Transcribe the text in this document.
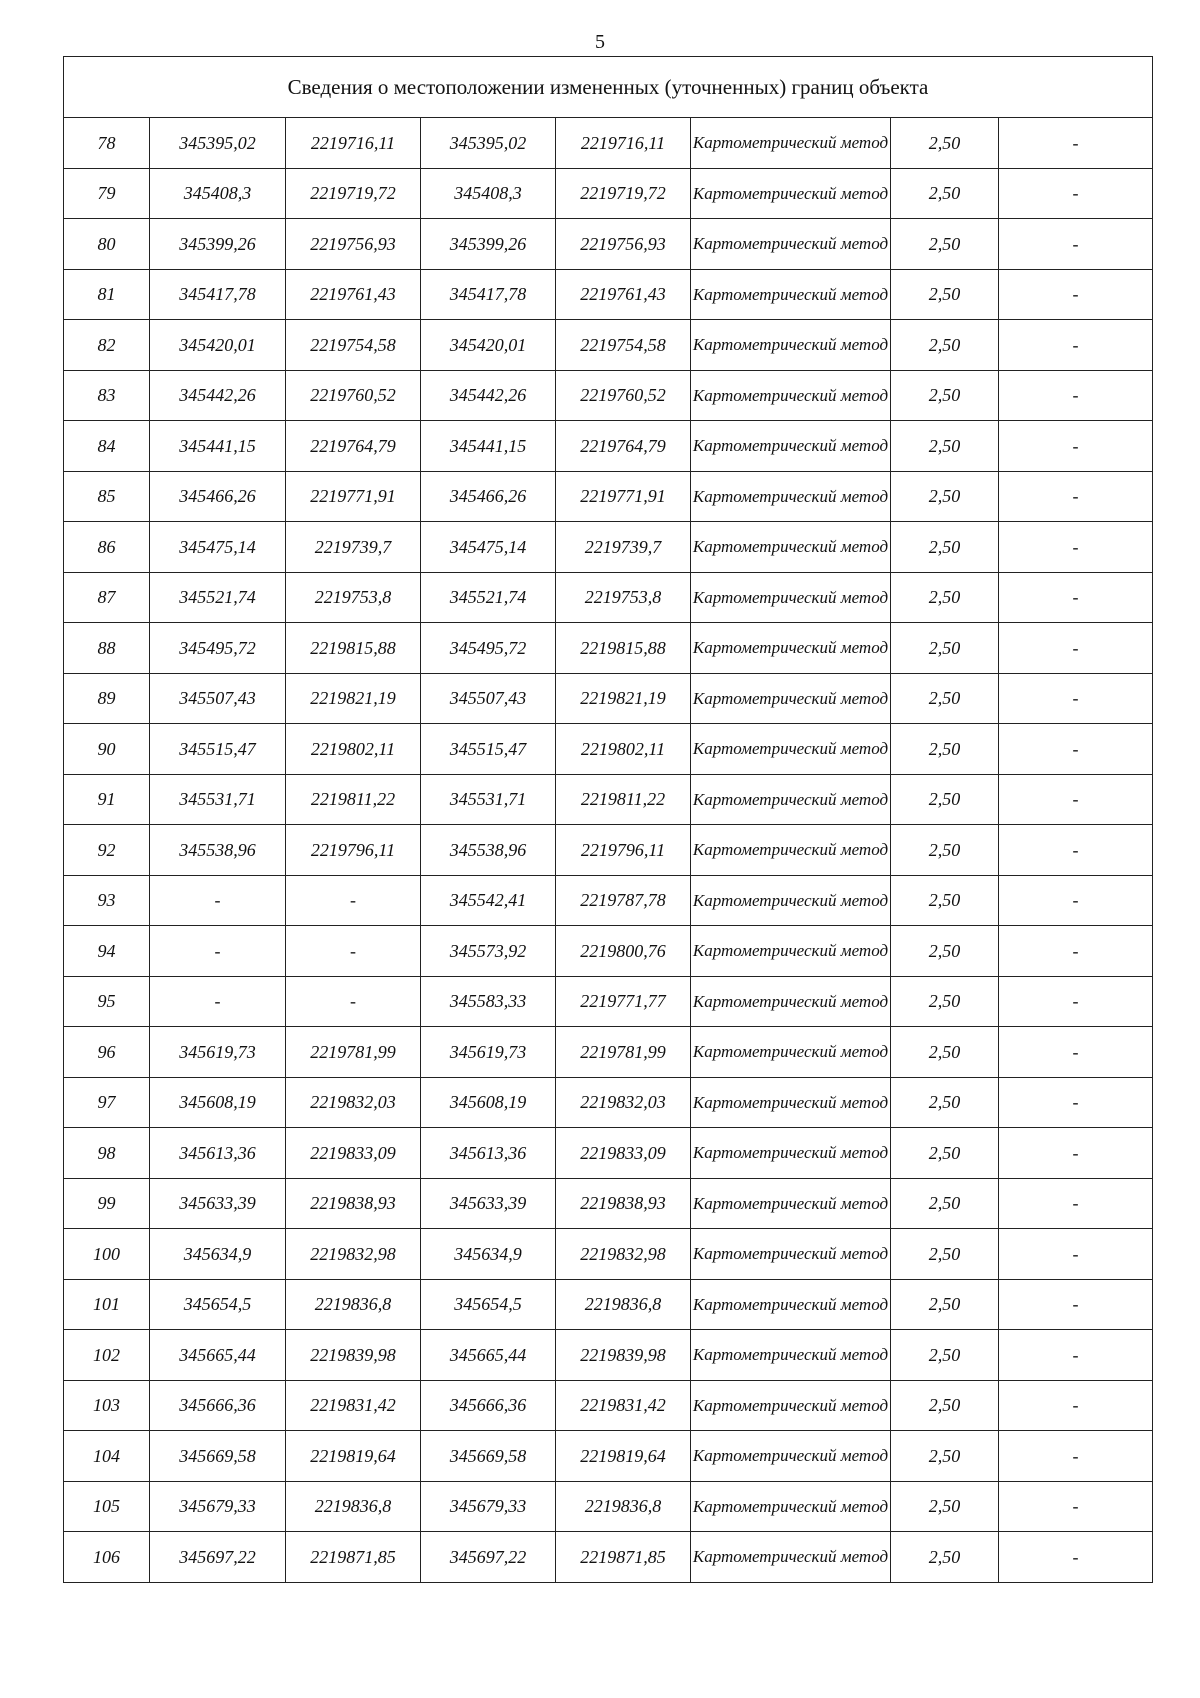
5
Сведения о местоположении измененных (уточненных) границ объекта							
78	345395,02	2219716,11	345395,02	2219716,11	Картометрический метод	2,50	-
79	345408,3	2219719,72	345408,3	2219719,72	Картометрический метод	2,50	-
80	345399,26	2219756,93	345399,26	2219756,93	Картометрический метод	2,50	-
81	345417,78	2219761,43	345417,78	2219761,43	Картометрический метод	2,50	-
82	345420,01	2219754,58	345420,01	2219754,58	Картометрический метод	2,50	-
83	345442,26	2219760,52	345442,26	2219760,52	Картометрический метод	2,50	-
84	345441,15	2219764,79	345441,15	2219764,79	Картометрический метод	2,50	-
85	345466,26	2219771,91	345466,26	2219771,91	Картометрический метод	2,50	-
86	345475,14	2219739,7	345475,14	2219739,7	Картометрический метод	2,50	-
87	345521,74	2219753,8	345521,74	2219753,8	Картометрический метод	2,50	-
88	345495,72	2219815,88	345495,72	2219815,88	Картометрический метод	2,50	-
89	345507,43	2219821,19	345507,43	2219821,19	Картометрический метод	2,50	-
90	345515,47	2219802,11	345515,47	2219802,11	Картометрический метод	2,50	-
91	345531,71	2219811,22	345531,71	2219811,22	Картометрический метод	2,50	-
92	345538,96	2219796,11	345538,96	2219796,11	Картометрический метод	2,50	-
93	-	-	345542,41	2219787,78	Картометрический метод	2,50	-
94	-	-	345573,92	2219800,76	Картометрический метод	2,50	-
95	-	-	345583,33	2219771,77	Картометрический метод	2,50	-
96	345619,73	2219781,99	345619,73	2219781,99	Картометрический метод	2,50	-
97	345608,19	2219832,03	345608,19	2219832,03	Картометрический метод	2,50	-
98	345613,36	2219833,09	345613,36	2219833,09	Картометрический метод	2,50	-
99	345633,39	2219838,93	345633,39	2219838,93	Картометрический метод	2,50	-
100	345634,9	2219832,98	345634,9	2219832,98	Картометрический метод	2,50	-
101	345654,5	2219836,8	345654,5	2219836,8	Картометрический метод	2,50	-
102	345665,44	2219839,98	345665,44	2219839,98	Картометрический метод	2,50	-
103	345666,36	2219831,42	345666,36	2219831,42	Картометрический метод	2,50	-
104	345669,58	2219819,64	345669,58	2219819,64	Картометрический метод	2,50	-
105	345679,33	2219836,8	345679,33	2219836,8	Картометрический метод	2,50	-
106	345697,22	2219871,85	345697,22	2219871,85	Картометрический метод	2,50	-
